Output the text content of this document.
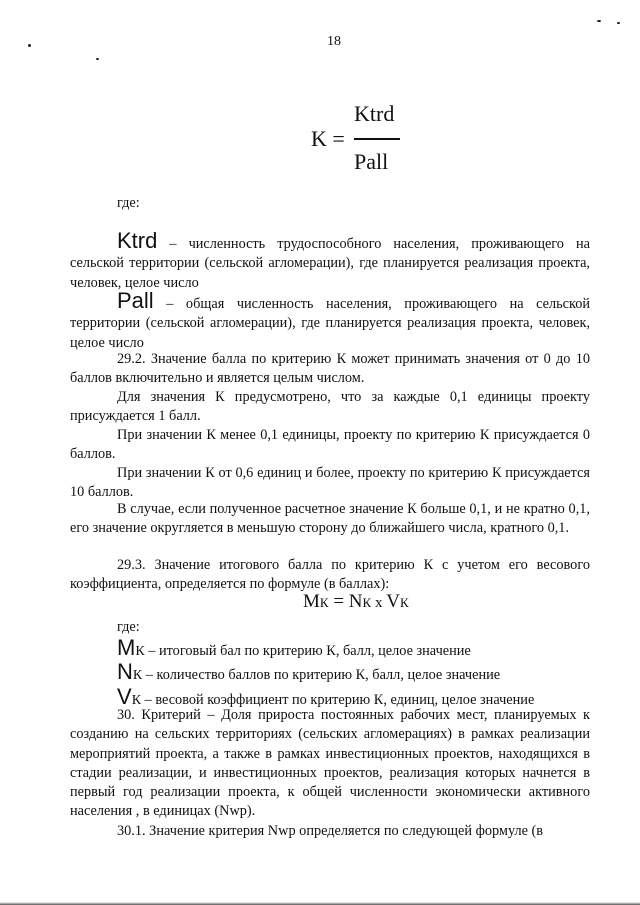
18
Ktrd
K =
Pall
где:
Ktrd – численность трудоспособного населения, проживающего на сельской территории (сельской агломерации), где планируется реализация проекта, человек, целое число
Pall – общая численность населения, проживающего на сельской территории (сельской агломерации), где планируется реализация проекта, человек, целое число
29.2. Значение балла по критерию К может принимать значения от 0 до 10 баллов включительно и является целым числом.
Для значения К предусмотрено, что за каждые 0,1 единицы проекту присуждается 1 балл.
При значении К менее 0,1 единицы, проекту по критерию К присуждается 0 баллов.
При значении К от 0,6 единиц и более, проекту по критерию К присуждается 10 баллов.
В случае, если полученное расчетное значение К больше 0,1, и не кратно 0,1, его значение округляется в меньшую сторону до ближайшего числа, кратного 0,1.
29.3. Значение итогового балла по критерию К с учетом его весового коэффициента, определяется по формуле (в баллах):
МК = NК х VК
где:
МК – итоговый бал по критерию К, балл, целое значение
NК – количество баллов по критерию К, балл, целое значение
VК – весовой коэффициент по критерию К, единиц, целое значение
30. Критерий – Доля прироста постоянных рабочих мест, планируемых к созданию на сельских территориях (сельских агломерациях) в рамках реализации мероприятий проекта, а также в рамках инвестиционных проектов, находящихся в стадии реализации, и инвестиционных проектов, реализация которых начнется в первый год реализации проекта, к общей численности экономически активного населения , в единицах (Nwp).
30.1. Значение критерия Nwp определяется по следующей формуле (в
